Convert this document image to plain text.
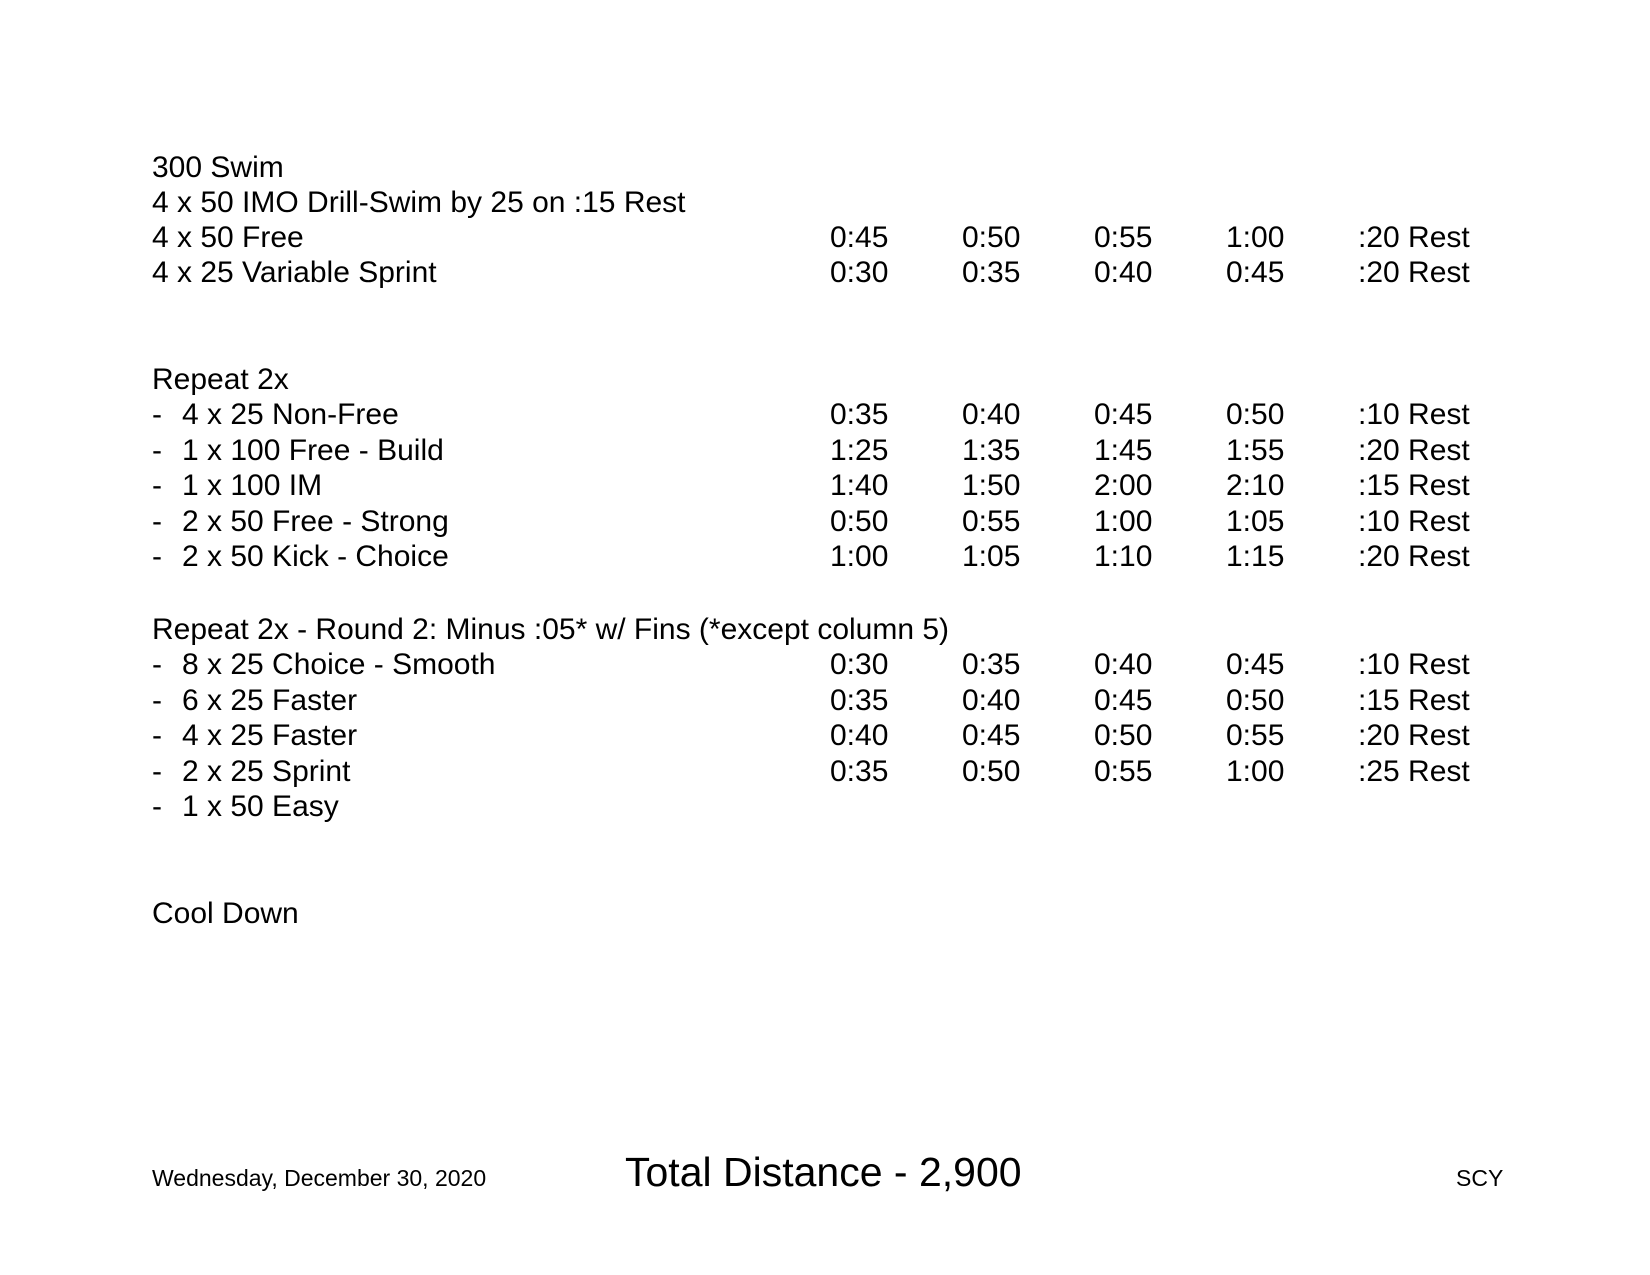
300 Swim
4 x 50 IMO Drill-Swim by 25 on :15 Rest
4 x 50 Free	0:45 0:50 0:55 1:00 :20 Rest
4 x 25 Variable Sprint	0:30 0:35 0:40 0:45 :20 Rest
Repeat 2x
- 4 x 25 Non-Free	0:35 0:40 0:45 0:50 :10 Rest
- 1 x 100 Free - Build	1:25 1:35 1:45 1:55 :20 Rest
- 1 x 100 IM	1:40 1:50 2:00 2:10 :15 Rest
- 2 x 50 Free - Strong	0:50 0:55 1:00 1:05 :10 Rest
- 2 x 50 Kick - Choice	1:00 1:05 1:10 1:15 :20 Rest
Repeat 2x - Round 2: Minus :05* w/ Fins (*except column 5)
- 8 x 25 Choice - Smooth	0:30 0:35 0:40 0:45 :10 Rest
- 6 x 25 Faster	0:35 0:40 0:45 0:50 :15 Rest
- 4 x 25 Faster	0:40 0:45 0:50 0:55 :20 Rest
- 2 x 25 Sprint	0:35 0:50 0:55 1:00 :25 Rest
- 1 x 50 Easy
Cool Down
Wednesday, December 30, 2020	Total Distance - 2,900	SCY
